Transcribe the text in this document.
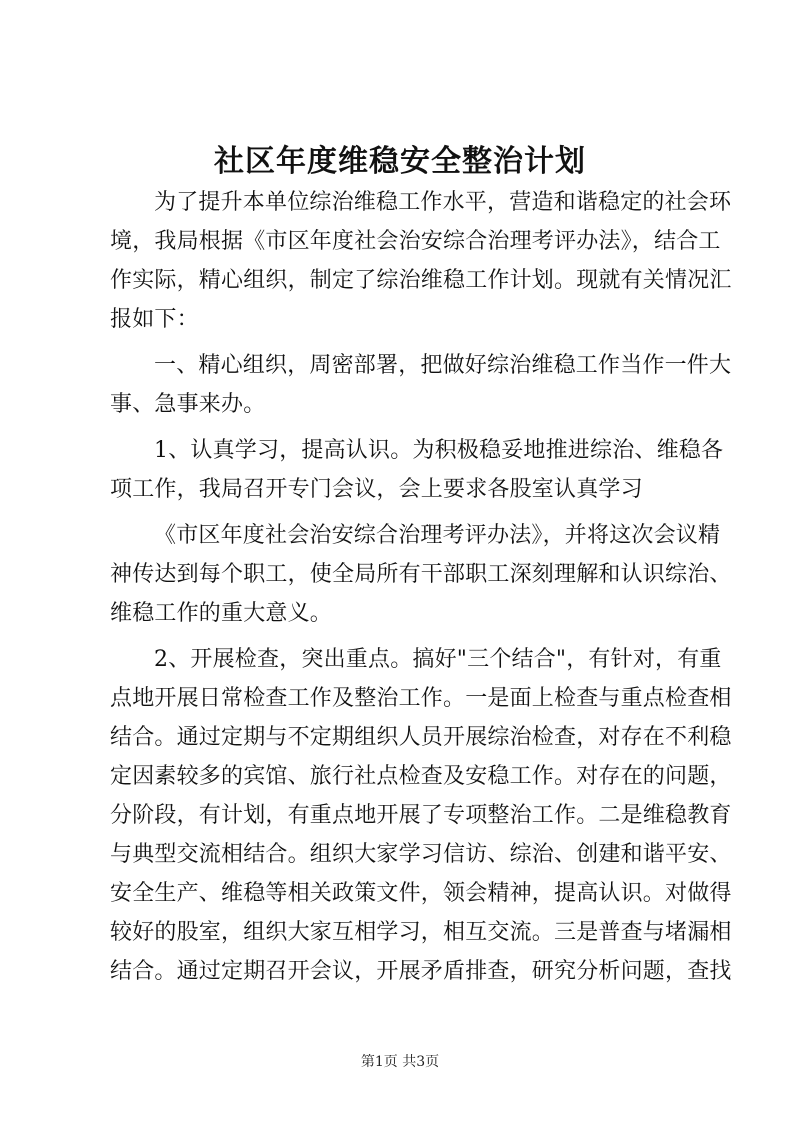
社区年度维稳安全整治计划
为了提升本单位综治维稳工作水平，营造和谐稳定的社会环
境，我局根据《市区年度社会治安综合治理考评办法》，结合工
作实际，精心组织，制定了综治维稳工作计划。现就有关情况汇
报如下：
一、精心组织，周密部署，把做好综治维稳工作当作一件大
事、急事来办。
1、认真学习，提高认识。为积极稳妥地推进综治、维稳各
项工作，我局召开专门会议，会上要求各股室认真学习
《市区年度社会治安综合治理考评办法》，并将这次会议精
神传达到每个职工，使全局所有干部职工深刻理解和认识综治、
维稳工作的重大意义。
2、开展检查，突出重点。搞好"三个结合"，有针对，有重
点地开展日常检查工作及整治工作。一是面上检查与重点检查相
结合。通过定期与不定期组织人员开展综治检查，对存在不利稳
定因素较多的宾馆、旅行社点检查及安稳工作。对存在的问题，
分阶段，有计划，有重点地开展了专项整治工作。二是维稳教育
与典型交流相结合。组织大家学习信访、综治、创建和谐平安、
安全生产、维稳等相关政策文件，领会精神，提高认识。对做得
较好的股室，组织大家互相学习，相互交流。三是普查与堵漏相
结合。通过定期召开会议，开展矛盾排查，研究分析问题，查找
第1页 共3页
